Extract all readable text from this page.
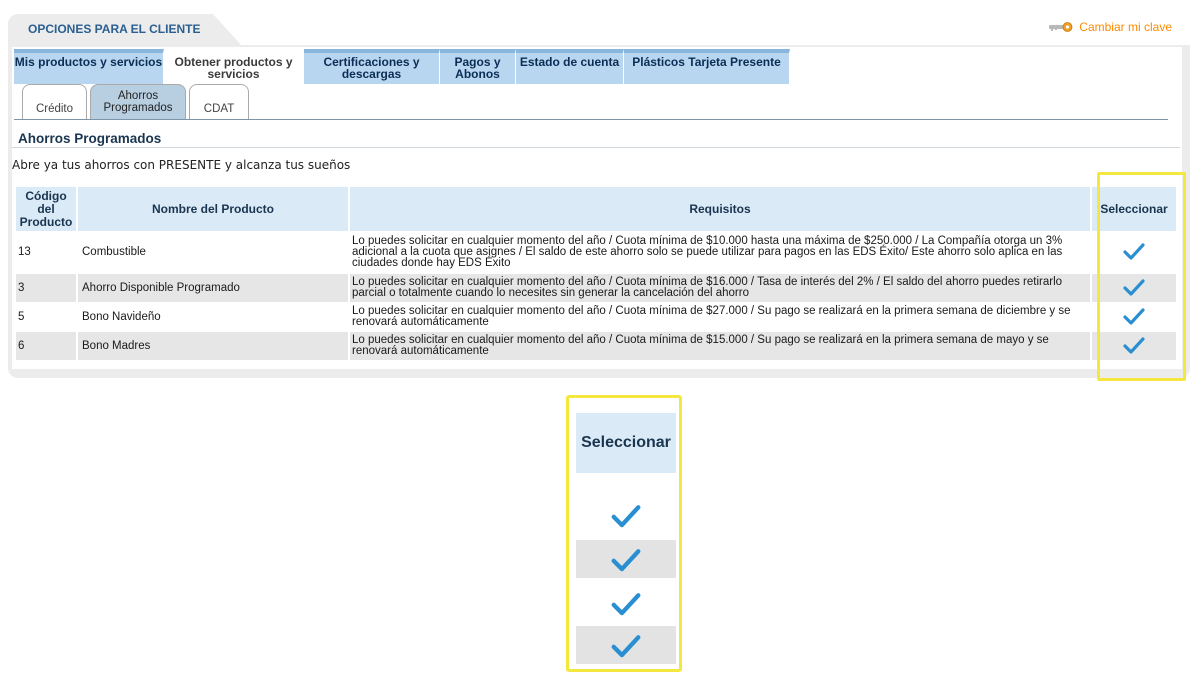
OPCIONES PARA EL CLIENTE	Cambiar mi clave
Mis productos y servicios	Obtener productos y servicios
Certificaciones y descargas
Pagos y Abonos
Estado de cuenta	Plásticos Tarjeta Presente
Crédito
Ahorros Programados	CDAT
Ahorros Programados
Abre ya tus ahorros con PRESENTE y alcanza tus sueños
Código del Producto	Nombre del Producto	Requisitos	Seleccionar
13	Combustible	Lo puedes solicitar en cualquier momento del año / Cuota mínima de $10.000 hasta una máxima de $250.000 / La Compañía otorga un 3% adicional a la cuota que asignes / El saldo de este ahorro solo se puede utilizar para pagos en las EDS Éxito/ Este ahorro solo aplica en las ciudades donde hay EDS Éxito	
3	Ahorro Disponible Programado	Lo puedes solicitar en cualquier momento del año / Cuota mínima de $16.000 / Tasa de interés del 2% / El saldo del ahorro puedes retirarlo parcial o totalmente cuando lo necesites sin generar la cancelación del ahorro	
5	Bono Navideño	Lo puedes solicitar en cualquier momento del año / Cuota mínima de $27.000 / Su pago se realizará en la primera semana de diciembre y se renovará automáticamente	
6	Bono Madres	Lo puedes solicitar en cualquier momento del año / Cuota mínima de $15.000 / Su pago se realizará en la primera semana de mayo y se renovará automáticamente	
Seleccionar
